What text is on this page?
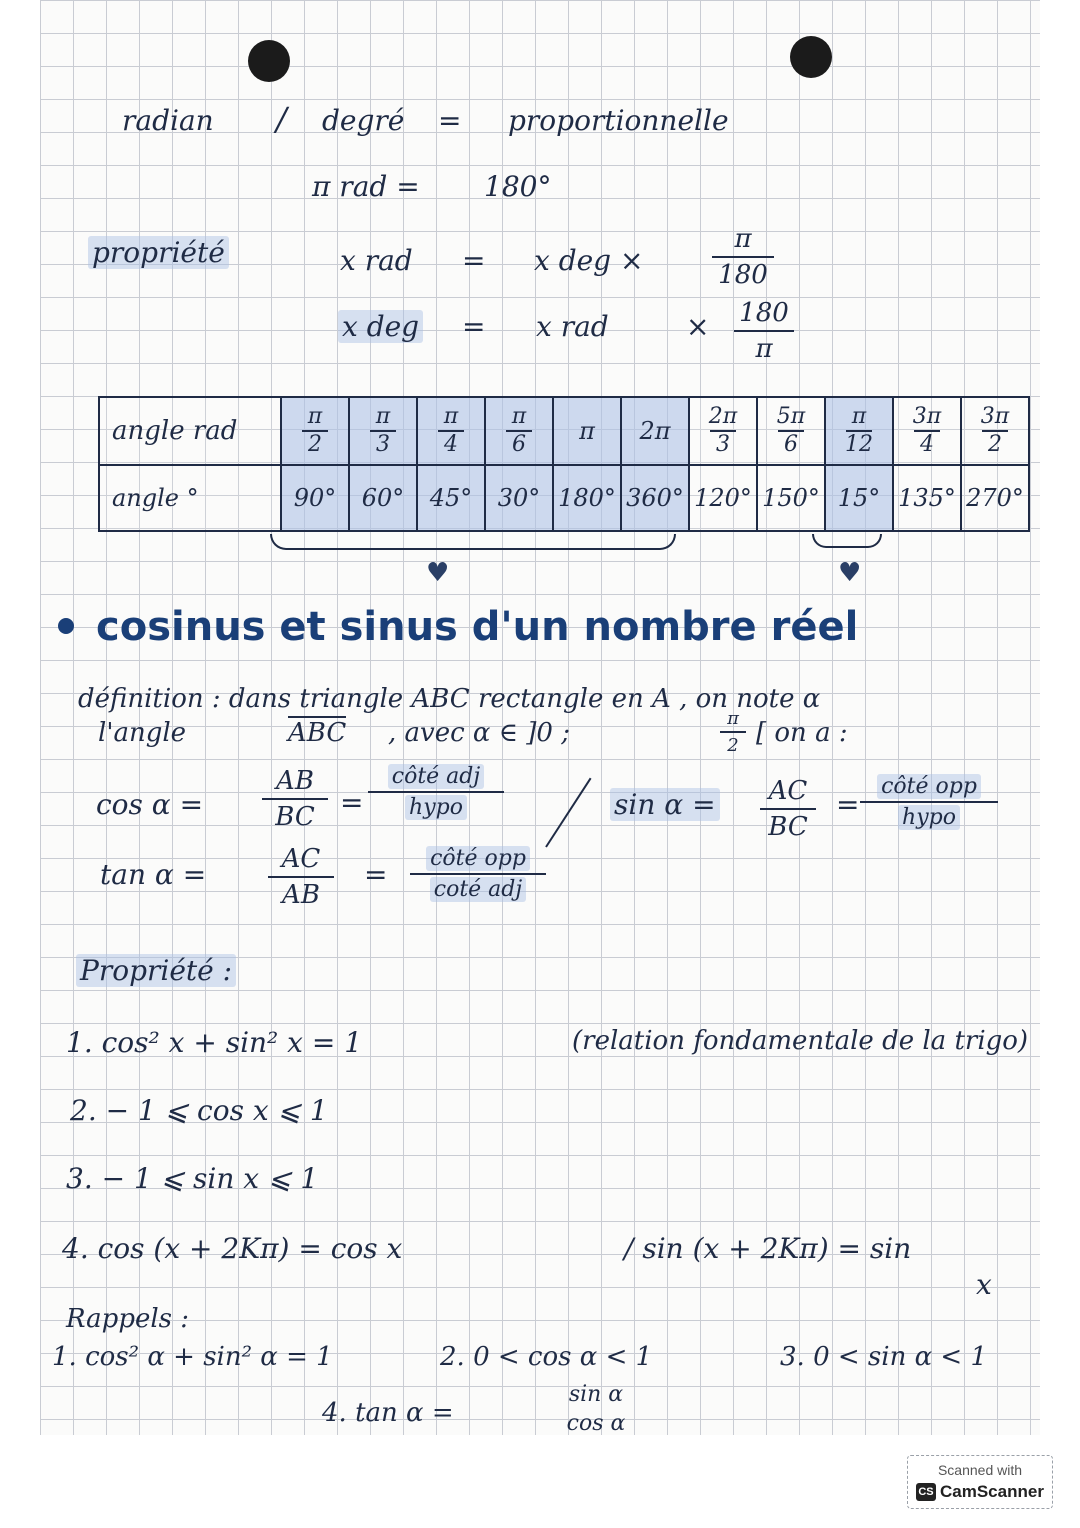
radian / degré = proportionnelle
π rad = 180°
propriété	x rad = x deg ×
π
180
x deg = x rad	× 180
π
angle rad	$\frac{\pi}{2}$	$\frac{\pi}{3}$	$\frac{\pi}{4}$	$\frac{\pi}{6}$	π	2π	$\frac{2\pi}{3}$	$\frac{5\pi}{6}$	$\frac{\pi}{12}$	$\frac{3\pi}{4}$	$\frac{3\pi}{2}$

angle °	90°	60°	45°	30°	180°	360°	120°	150°	15°	135°	270°
♥	♥
cosinus et sinus d'un nombre réel
définition : dans triangle ABC rectangle en A , on note α
l'angle	ABC , avec α ∈ ]0 ;	π
2 [ on a :
cos α =
AB
BC =
côté adj
hypo	sin α = AC
BC
=
côté opp
hypo
tan α =	AC
AB
= côté opp
coté adj
Propriété :
1. cos² x + sin² x = 1	(relation fondamentale de la trigo)
2. − 1 ⩽ cos x ⩽ 1
3. − 1 ⩽ sin x ⩽ 1
4. cos (x + 2Kπ) = cos x	/ sin (x + 2Kπ) = sin
x
Rappels :
1. cos² α + sin² α = 1	2. 0 < cos α < 1	3. 0 < sin α < 1
4. tan α =
sin α
cos α
Scanned with
CS CamScanner
